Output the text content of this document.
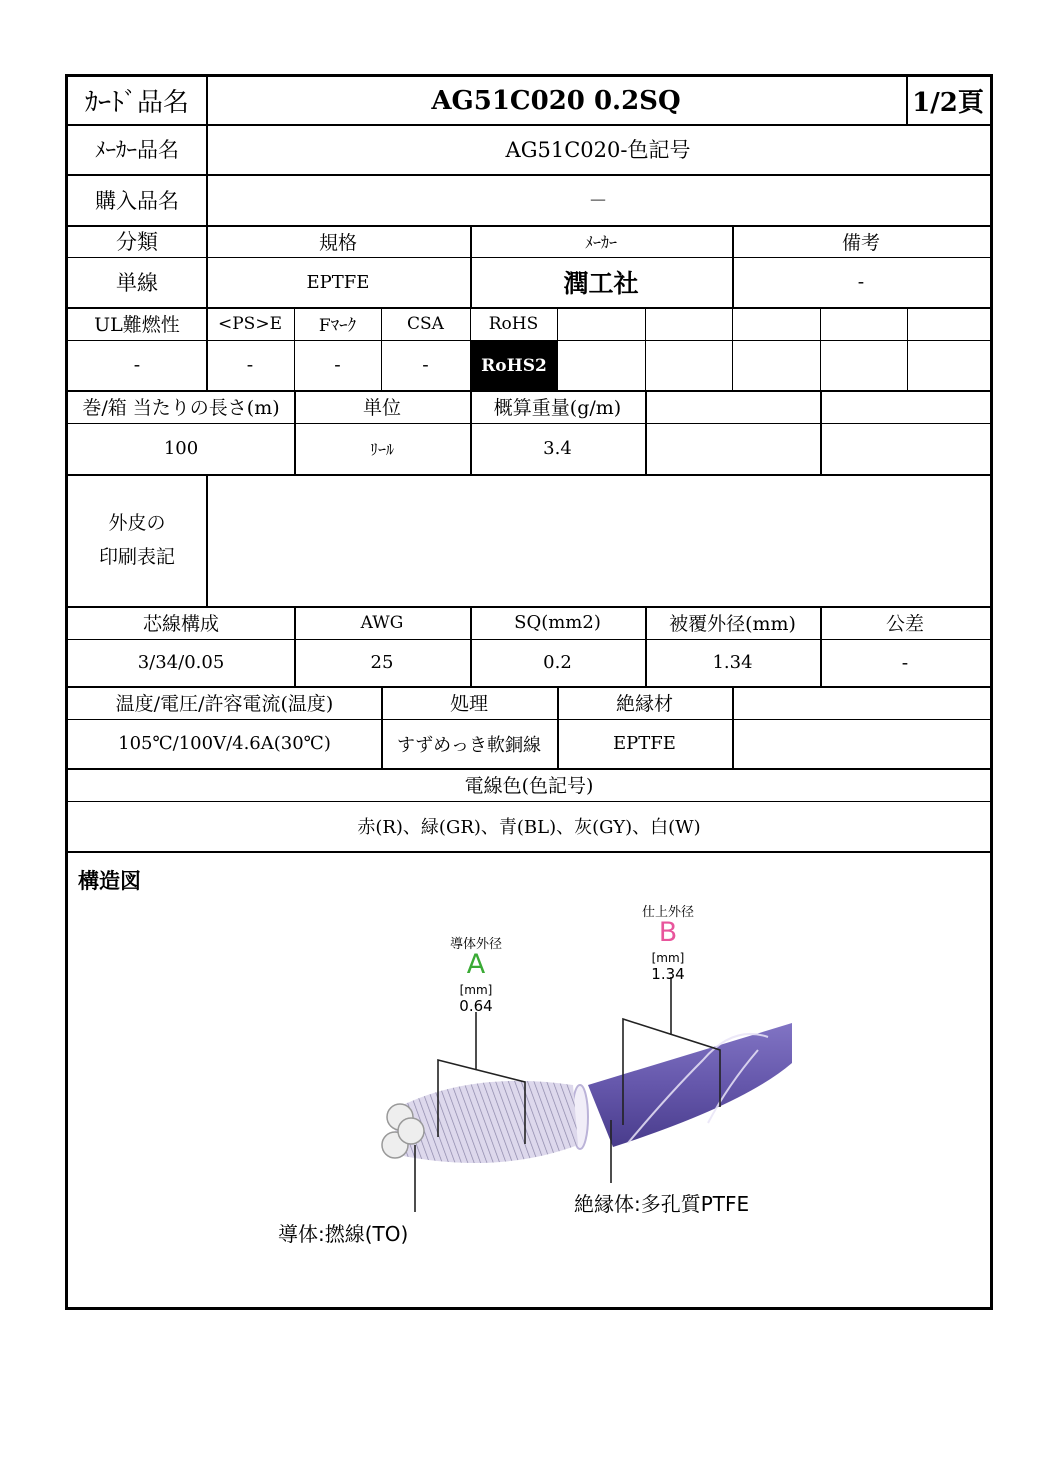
ｶｰﾄﾞ品名	AG51C020 0.2SQ	1/2頁
ﾒｰｶｰ品名	AG51C020-色記号
購入品名	－
分類	規格	ﾒｰｶｰ	備考
単線	EPTFE	潤工社	-
UL難燃性	<PS>E	Fﾏｰｸ	CSA	RoHS
-	-	-	-	RoHS2
巻/箱 当たりの長さ(m)	単位	概算重量(g/m)
100	ﾘｰﾙ	3.4
外皮の
印刷表記
芯線構成	AWG	SQ(mm2)	被覆外径(mm)	公差
3/34/0.05	25	0.2	1.34	-
温度/電圧/許容電流(温度)	処理	絶縁材
105℃/100V/4.6A(30℃)	すずめっき軟銅線	EPTFE
電線色(色記号)
赤(R)、緑(GR)、青(BL)、灰(GY)、白(W)
構造図
導体外径
A
[mm]
0.64
仕上外径
B
[mm]
1.34
導体:撚線(TO)
絶縁体:多孔質PTFE
